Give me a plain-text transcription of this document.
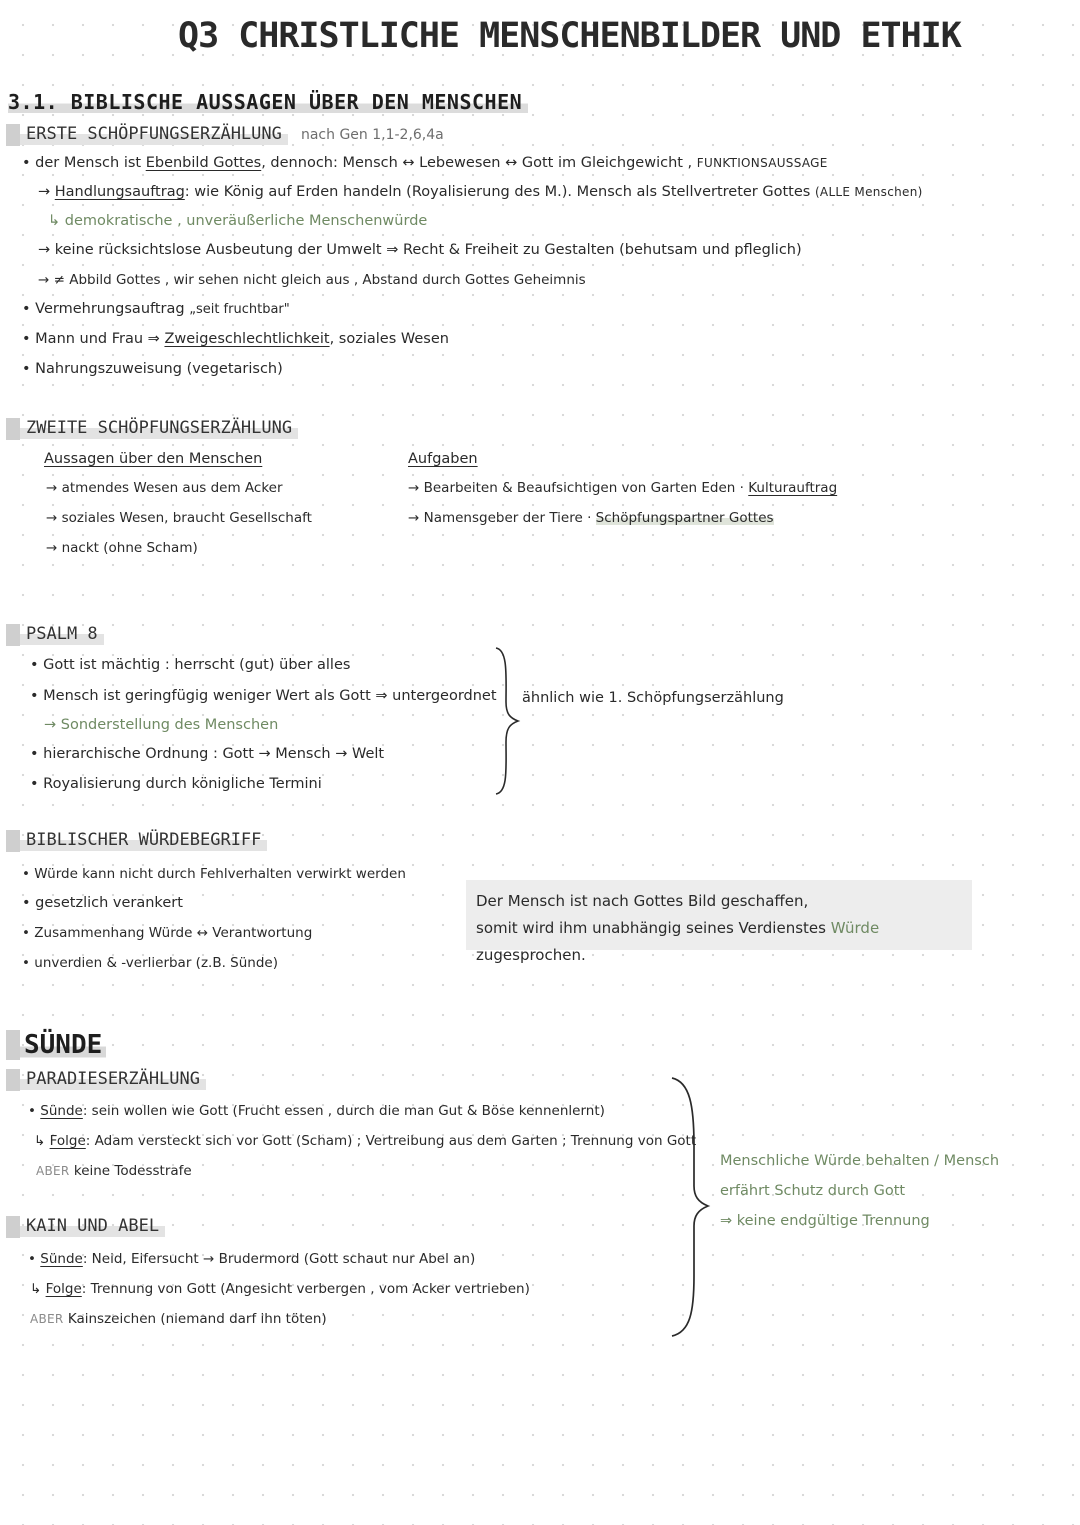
Q3 CHRISTLICHE MENSCHENBILDER UND ETHIK
3.1. BIBLISCHE AUSSAGEN ÜBER DEN MENSCHEN
ERSTE SCHÖPFUNGSERZÄHLUNG nach Gen 1,1-2,6,4a
• der Mensch ist Ebenbild Gottes, dennoch: Mensch ↔ Lebewesen ↔ Gott im Gleichgewicht , FUNKTIONSAUSSAGE
→ Handlungsauftrag: wie König auf Erden handeln (Royalisierung des M.). Mensch als Stellvertreter Gottes (ALLE Menschen)
↳ demokratische , unveräußerliche Menschenwürde
→ keine rücksichtslose Ausbeutung der Umwelt ⇒ Recht & Freiheit zu Gestalten (behutsam und pfleglich)
→ ≠ Abbild Gottes , wir sehen nicht gleich aus , Abstand durch Gottes Geheimnis
• Vermehrungsauftrag „seit fruchtbar"
• Mann und Frau ⇒ Zweigeschlechtlichkeit, soziales Wesen
• Nahrungszuweisung (vegetarisch)
ZWEITE SCHÖPFUNGSERZÄHLUNG
Aussagen über den Menschen
→ atmendes Wesen aus dem Acker
→ soziales Wesen, braucht Gesellschaft
→ nackt (ohne Scham)
Aufgaben
→ Bearbeiten & Beaufsichtigen von Garten Eden · Kulturauftrag
→ Namensgeber der Tiere · Schöpfungspartner Gottes
PSALM 8
• Gott ist mächtig : herrscht (gut) über alles
• Mensch ist geringfügig weniger Wert als Gott ⇒ untergeordnet
→ Sonderstellung des Menschen
• hierarchische Ordnung : Gott → Mensch → Welt
• Royalisierung durch königliche Termini
ähnlich wie 1. Schöpfungserzählung
BIBLISCHER WÜRDEBEGRIFF
• Würde kann nicht durch Fehlverhalten verwirkt werden
• gesetzlich verankert
• Zusammenhang Würde ↔ Verantwortung
• unverdien & -verlierbar (z.B. Sünde)
Der Mensch ist nach Gottes Bild geschaffen,
somit wird ihm unabhängig seines Verdienstes Würde zugesprochen.
SÜNDE
PARADIESERZÄHLUNG
• Sünde: sein wollen wie Gott (Frucht essen , durch die man Gut & Böse kennenlernt)
↳ Folge: Adam versteckt sich vor Gott (Scham) ; Vertreibung aus dem Garten ; Trennung von Gott
ABER keine Todesstrafe
KAIN UND ABEL
• Sünde: Neid, Eifersucht → Brudermord (Gott schaut nur Abel an)
↳ Folge: Trennung von Gott (Angesicht verbergen , vom Acker vertrieben)
ABER Kainszeichen (niemand darf ihn töten)
Menschliche Würde behalten / Mensch
erfährt Schutz durch Gott
⇒ keine endgültige Trennung
